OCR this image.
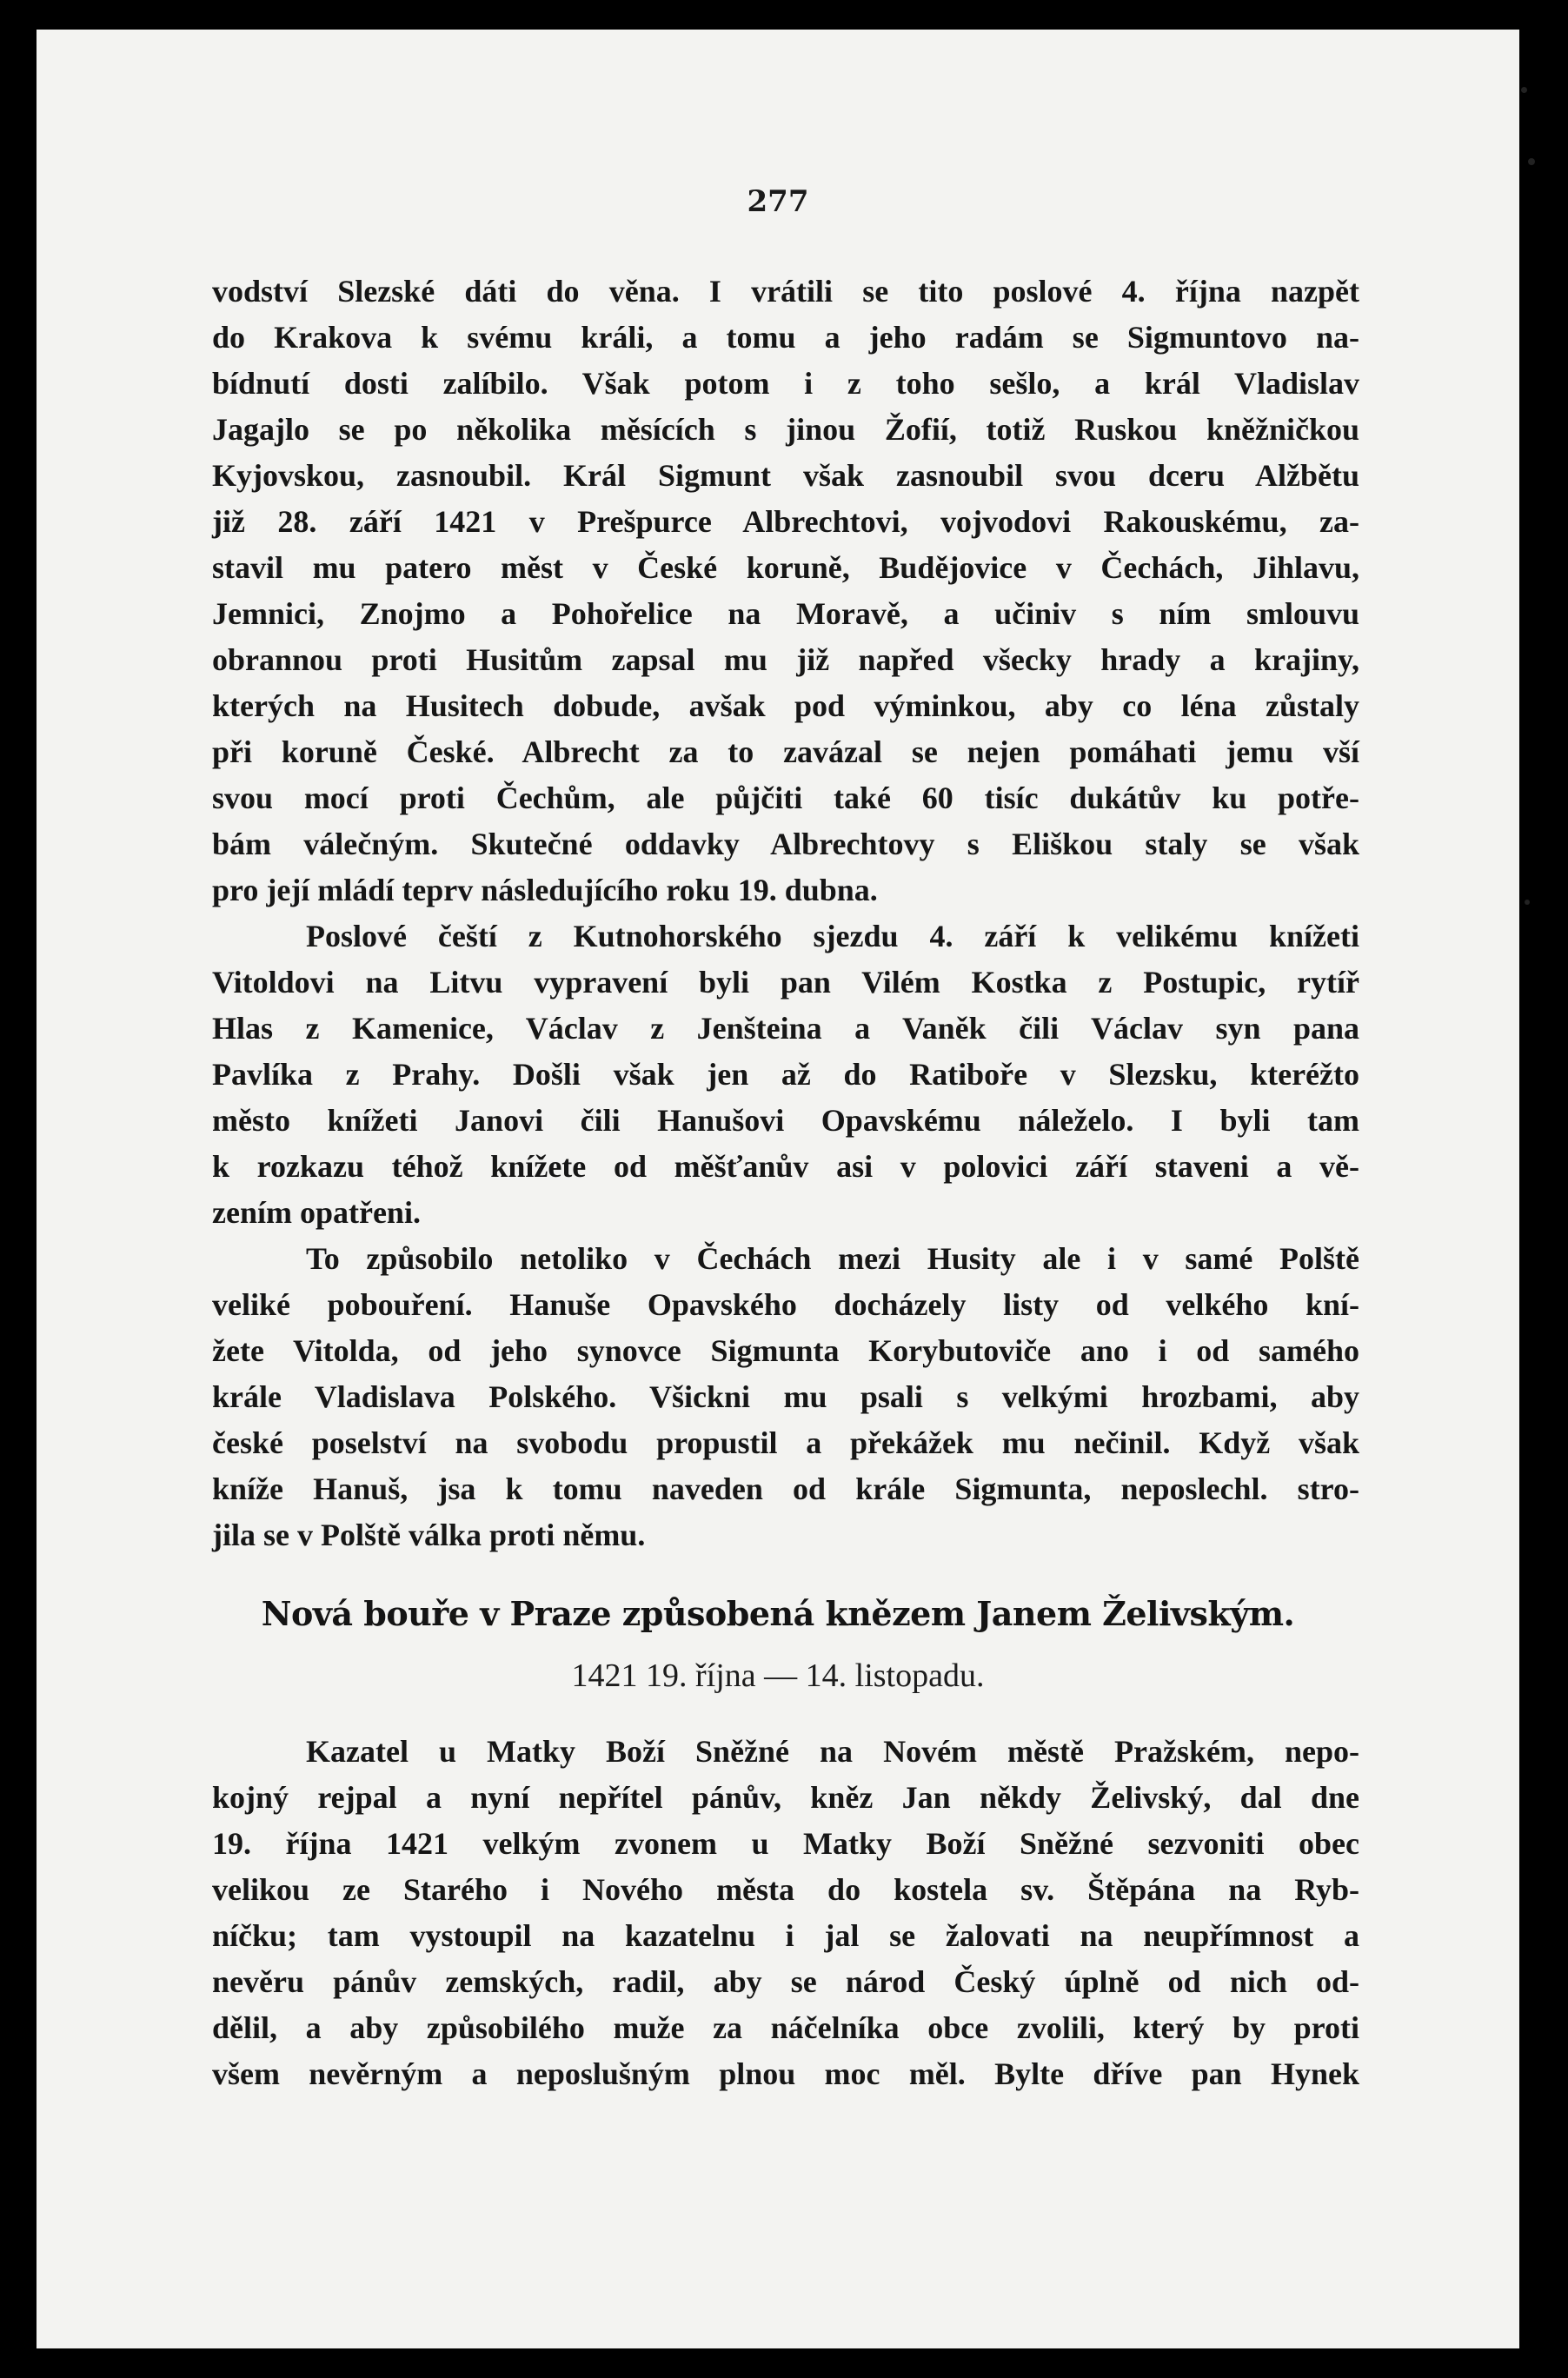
277
vodství Slezské dáti do věna. I vrátili se tito poslové 4. října nazpět
do Krakova k svému králi, a tomu a jeho radám se Sigmuntovo na-
bídnutí dosti zalíbilo. Však potom i z toho sešlo, a král Vladislav
Jagajlo se po několika měsících s jinou Žofií, totiž Ruskou kněžničkou
Kyjovskou, zasnoubil. Král Sigmunt však zasnoubil svou dceru Alžbětu
již 28. září 1421 v Prešpurce Albrechtovi, vojvodovi Rakouskému, za-
stavil mu patero měst v České koruně, Budějovice v Čechách, Jihlavu,
Jemnici, Znojmo a Pohořelice na Moravě, a učiniv s ním smlouvu
obrannou proti Husitům zapsal mu již napřed všecky hrady a krajiny,
kterých na Husitech dobude, avšak pod výminkou, aby co léna zůstaly
při koruně České. Albrecht za to zavázal se nejen pomáhati jemu vší
svou mocí proti Čechům, ale půjčiti také 60 tisíc dukátův ku potře-
bám válečným. Skutečné oddavky Albrechtovy s Eliškou staly se však
pro její mládí teprv následujícího roku 19. dubna.
Poslové čeští z Kutnohorského sjezdu 4. září k velikému knížeti
Vitoldovi na Litvu vypravení byli pan Vilém Kostka z Postupic, rytíř
Hlas z Kamenice, Václav z Jenšteina a Vaněk čili Václav syn pana
Pavlíka z Prahy. Došli však jen až do Ratiboře v Slezsku, kteréžto
město knížeti Janovi čili Hanušovi Opavskému náleželo. I byli tam
k rozkazu téhož knížete od měšťanův asi v polovici září staveni a vě-
zením opatřeni.
To způsobilo netoliko v Čechách mezi Husity ale i v samé Polště
veliké pobouření. Hanuše Opavského docházely listy od velkého kní-
žete Vitolda, od jeho synovce Sigmunta Korybutoviče ano i od samého
krále Vladislava Polského. Všickni mu psali s velkými hrozbami, aby
české poselství na svobodu propustil a překážek mu nečinil. Když však
kníže Hanuš, jsa k tomu naveden od krále Sigmunta, neposlechl. stro-
jila se v Polště válka proti němu.
Nová bouře v Praze způsobená knězem Janem Želivským.
1421 19. října — 14. listopadu.
Kazatel u Matky Boží Sněžné na Novém městě Pražském, nepo-
kojný rejpal a nyní nepřítel pánův, kněz Jan někdy Želivský, dal dne
19. října 1421 velkým zvonem u Matky Boží Sněžné sezvoniti obec
velikou ze Starého i Nového města do kostela sv. Štěpána na Ryb-
níčku; tam vystoupil na kazatelnu i jal se žalovati na neupřímnost a
nevěru pánův zemských, radil, aby se národ Český úplně od nich od-
dělil, a aby způsobilého muže za náčelníka obce zvolili, který by proti
všem nevěrným a neposlušným plnou moc měl. Bylte dříve pan Hynek
